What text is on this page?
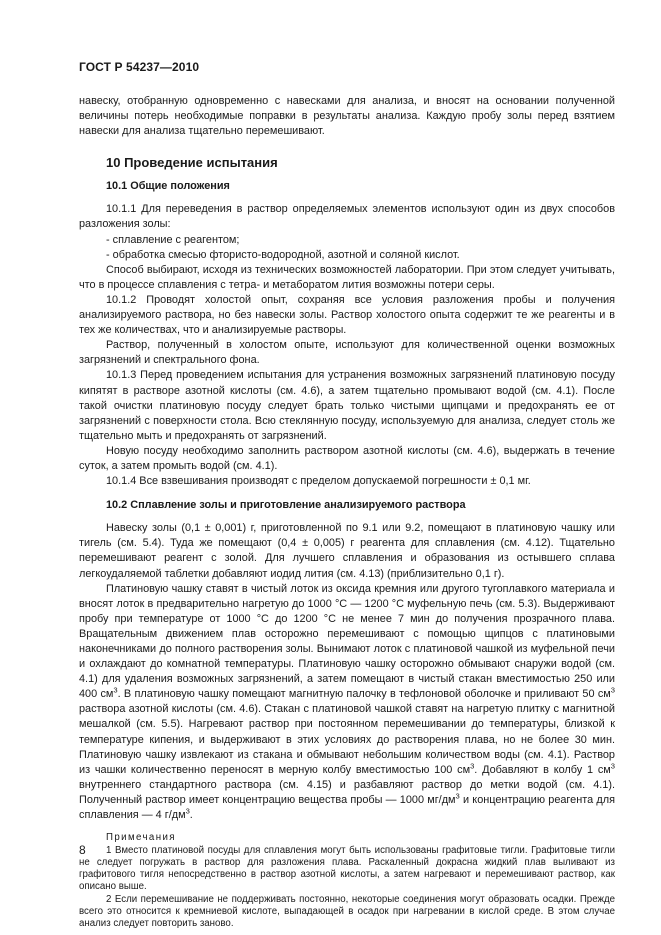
ГОСТ Р 54237—2010

навеску, отобранную одновременно с навесками для анализа, и вносят на основании полученной величины потерь необходимые поправки в результаты анализа. Каждую пробу золы перед взятием навески для анализа тщательно перемешивают.

10 Проведение испытания
10.1 Общие положения

10.1.1 Для переведения в раствор определяемых элементов используют один из двух способов разложения золы:

- сплавление с реагентом;

- обработка смесью фтористо-водородной, азотной и соляной кислот.

Способ выбирают, исходя из технических возможностей лаборатории. При этом следует учитывать, что в процессе сплавления с тетра- и метаборатом лития возможны потери серы.

10.1.2 Проводят холостой опыт, сохраняя все условия разложения пробы и получения анализируемого раствора, но без навески золы. Раствор холостого опыта содержит те же реагенты и в тех же количествах, что и анализируемые растворы.

Раствор, полученный в холостом опыте, используют для количественной оценки возможных загрязнений и спектрального фона.

10.1.3 Перед проведением испытания для устранения возможных загрязнений платиновую посуду кипятят в растворе азотной кислоты (см. 4.6), а затем тщательно промывают водой (см. 4.1). После такой очистки платиновую посуду следует брать только чистыми щипцами и предохранять ее от загрязнений с поверхности стола. Всю стеклянную посуду, используемую для анализа, следует столь же тщательно мыть и предохранять от загрязнений.

Новую посуду необходимо заполнить раствором азотной кислоты (см. 4.6), выдержать в течение суток, а затем промыть водой (см. 4.1).

10.1.4 Все взвешивания производят с пределом допускаемой погрешности ± 0,1 мг.

10.2 Сплавление золы и приготовление анализируемого раствора

Навеску золы (0,1 ± 0,001) г, приготовленной по 9.1 или 9.2, помещают в платиновую чашку или тигель (см. 5.4). Туда же помещают (0,4 ± 0,005) г реагента для сплавления (см. 4.12). Тщательно перемешивают реагент с золой. Для лучшего сплавления и образования из остывшего сплава легкоудаляемой таблетки добавляют иодид лития (см. 4.13) (приблизительно 0,1 г).

Платиновую чашку ставят в чистый лоток из оксида кремния или другого тугоплавкого материала и вносят лоток в предварительно нагретую до 1000 °С — 1200 °С муфельную печь (см. 5.3). Выдерживают пробу при температуре от 1000 °С до 1200 °С не менее 7 мин до получения прозрачного плава. Вращательным движением плав осторожно перемешивают с помощью щипцов с платиновыми наконечниками до полного растворения золы. Вынимают лоток с платиновой чашкой из муфельной печи и охлаждают до комнатной температуры. Платиновую чашку осторожно обмывают снаружи водой (см. 4.1) для удаления возможных загрязнений, а затем помещают в чистый стакан вместимостью 250 или 400 $см^3$. В платиновую чашку помещают магнитную палочку в тефлоновой оболочке и приливают 50 $см^3$ раствора азотной кислоты (см. 4.6). Стакан с платиновой чашкой ставят на нагретую плитку с магнитной мешалкой (см. 5.5). Нагревают раствор при постоянном перемешивании до температуры, близкой к температуре кипения, и выдерживают в этих условиях до растворения плава, но не более 30 мин. Платиновую чашку извлекают из стакана и обмывают небольшим количеством воды (см. 4.1). Раствор из чашки количественно переносят в мерную колбу вместимостью 100 $см^3$. Добавляют в колбу 1 $см^3$ внутреннего стандартного раствора (см. 4.15) и разбавляют раствор до метки водой (см. 4.1). Полученный раствор имеет концентрацию вещества пробы — 1000 $мг/дм^3$ и концентрацию реагента для сплавления — 4 $г/дм^3$.

Примечания

1 Вместо платиновой посуды для сплавления могут быть использованы графитовые тигли. Графитовые тигли не следует погружать в раствор для разложения плава. Раскаленный докрасна жидкий плав выливают из графитового тигля непосредственно в раствор азотной кислоты, а затем нагревают и перемешивают раствор, как описано выше.

2 Если перемешивание не поддерживать постоянно, некоторые соединения могут образовать осадки. Прежде всего это относится к кремниевой кислоте, выпадающей в осадок при нагревании в кислой среде. В этом случае анализ следует повторить заново.

8
